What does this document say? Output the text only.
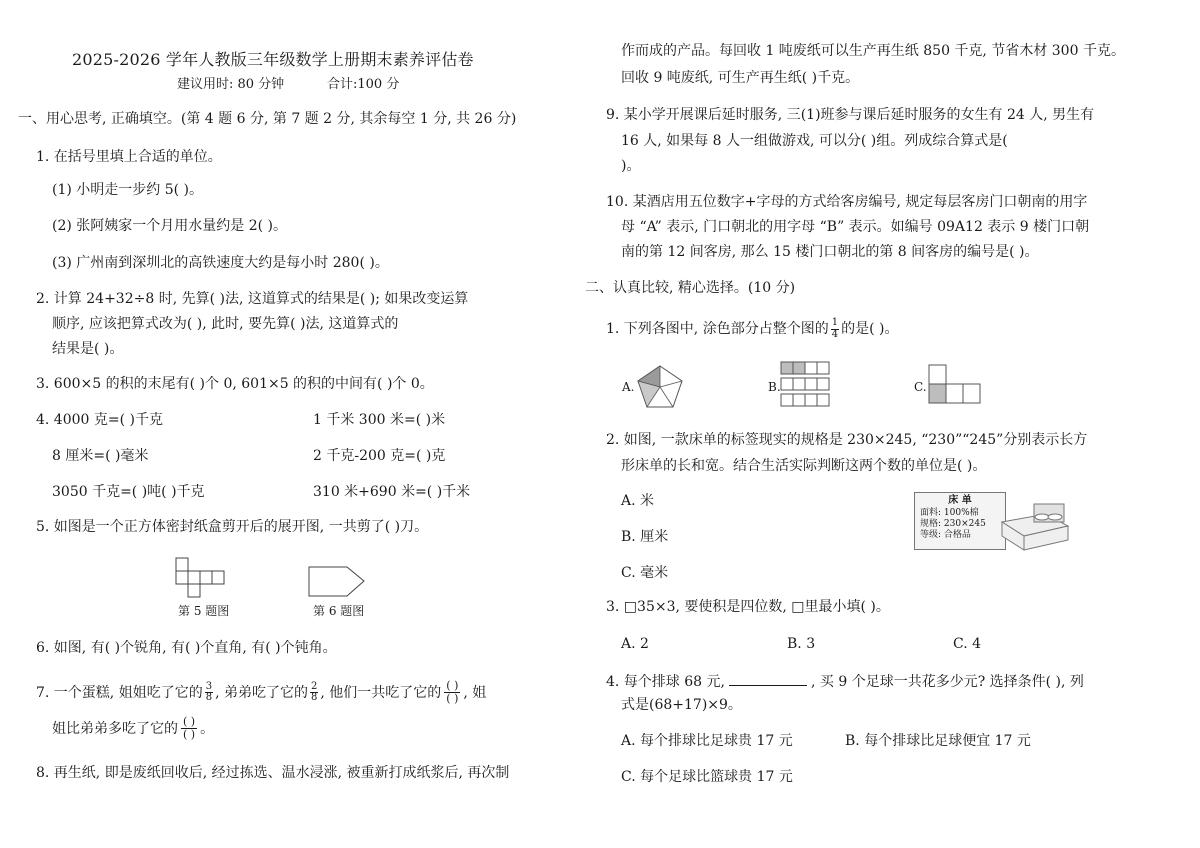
2025-2026 学年人教版三年级数学上册期末素养评估卷
建议用时: 80 分钟	合计:100 分
一、用心思考, 正确填空。(第 4 题 6 分, 第 7 题 2 分, 其余每空 1 分, 共 26 分)
1. 在括号里填上合适的单位。
(1) 小明走一步约 5( )。
(2) 张阿姨家一个月用水量约是 2( )。
(3) 广州南到深圳北的高铁速度大约是每小时 280( )。
2. 计算 24+32÷8 时, 先算( )法, 这道算式的结果是( ); 如果改变运算
顺序, 应该把算式改为( ), 此时, 要先算( )法, 这道算式的
结果是( )。
3. 600×5 的积的末尾有( )个 0, 601×5 的积的中间有( )个 0。
4. 4000 克=( )千克	1 千米 300 米=( )米
8 厘米=( )毫米	2 千克-200 克=( )克
3050 千克=( )吨( )千克	310 米+690 米=( )千米
5. 如图是一个正方体密封纸盒剪开后的展开图, 一共剪了( )刀。
第 5 题图	第 6 题图
6. 如图, 有( )个锐角, 有( )个直角, 有( )个钝角。
7. 一个蛋糕, 姐姐吃了它的 $\frac{3}{8}$ , 弟弟吃了它的 $\frac{2}{8}$ , 他们一共吃了它的 ( )
( ) , 姐
姐比弟弟多吃了它的 ( )
( ) 。
8. 再生纸, 即是废纸回收后, 经过拣选、温水浸涨, 被重新打成纸浆后, 再次制
作而成的产品。每回收 1 吨废纸可以生产再生纸 850 千克, 节省木材 300 千克。
回收 9 吨废纸, 可生产再生纸( )千克。
9. 某小学开展课后延时服务, 三(1)班参与课后延时服务的女生有 24 人, 男生有
16 人, 如果每 8 人一组做游戏, 可以分( )组。列成综合算式是(
)。
10. 某酒店用五位数字+字母的方式给客房编号, 规定每层客房门口朝南的用字
母 “A” 表示, 门口朝北的用字母 “B” 表示。如编号 09A12 表示 9 楼门口朝
南的第 12 间客房, 那么 15 楼门口朝北的第 8 间客房的编号是( )。
二、认真比较, 精心选择。(10 分)
1. 下列各图中, 涂色部分占整个图的 $\frac{1}{4}$ 的是( )。
A.	B.	C.
2. 如图, 一款床单的标签现实的规格是 230×245, “230”“245”分别表示长方
形床单的长和宽。结合生活实际判断这两个数的单位是( )。
A. 米
B. 厘米
C. 毫米
床 单
面料: 100%棉
规格: 230×245
等级: 合格品
3. □35×3, 要使积是四位数, □里最小填( )。
A. 2	B. 3	C. 4
4. 每个排球 68 元,	, 买 9 个足球一共花多少元? 选择条件( ), 列
式是(68+17)×9。
A. 每个排球比足球贵 17 元	B. 每个排球比足球便宜 17 元
C. 每个足球比篮球贵 17 元
